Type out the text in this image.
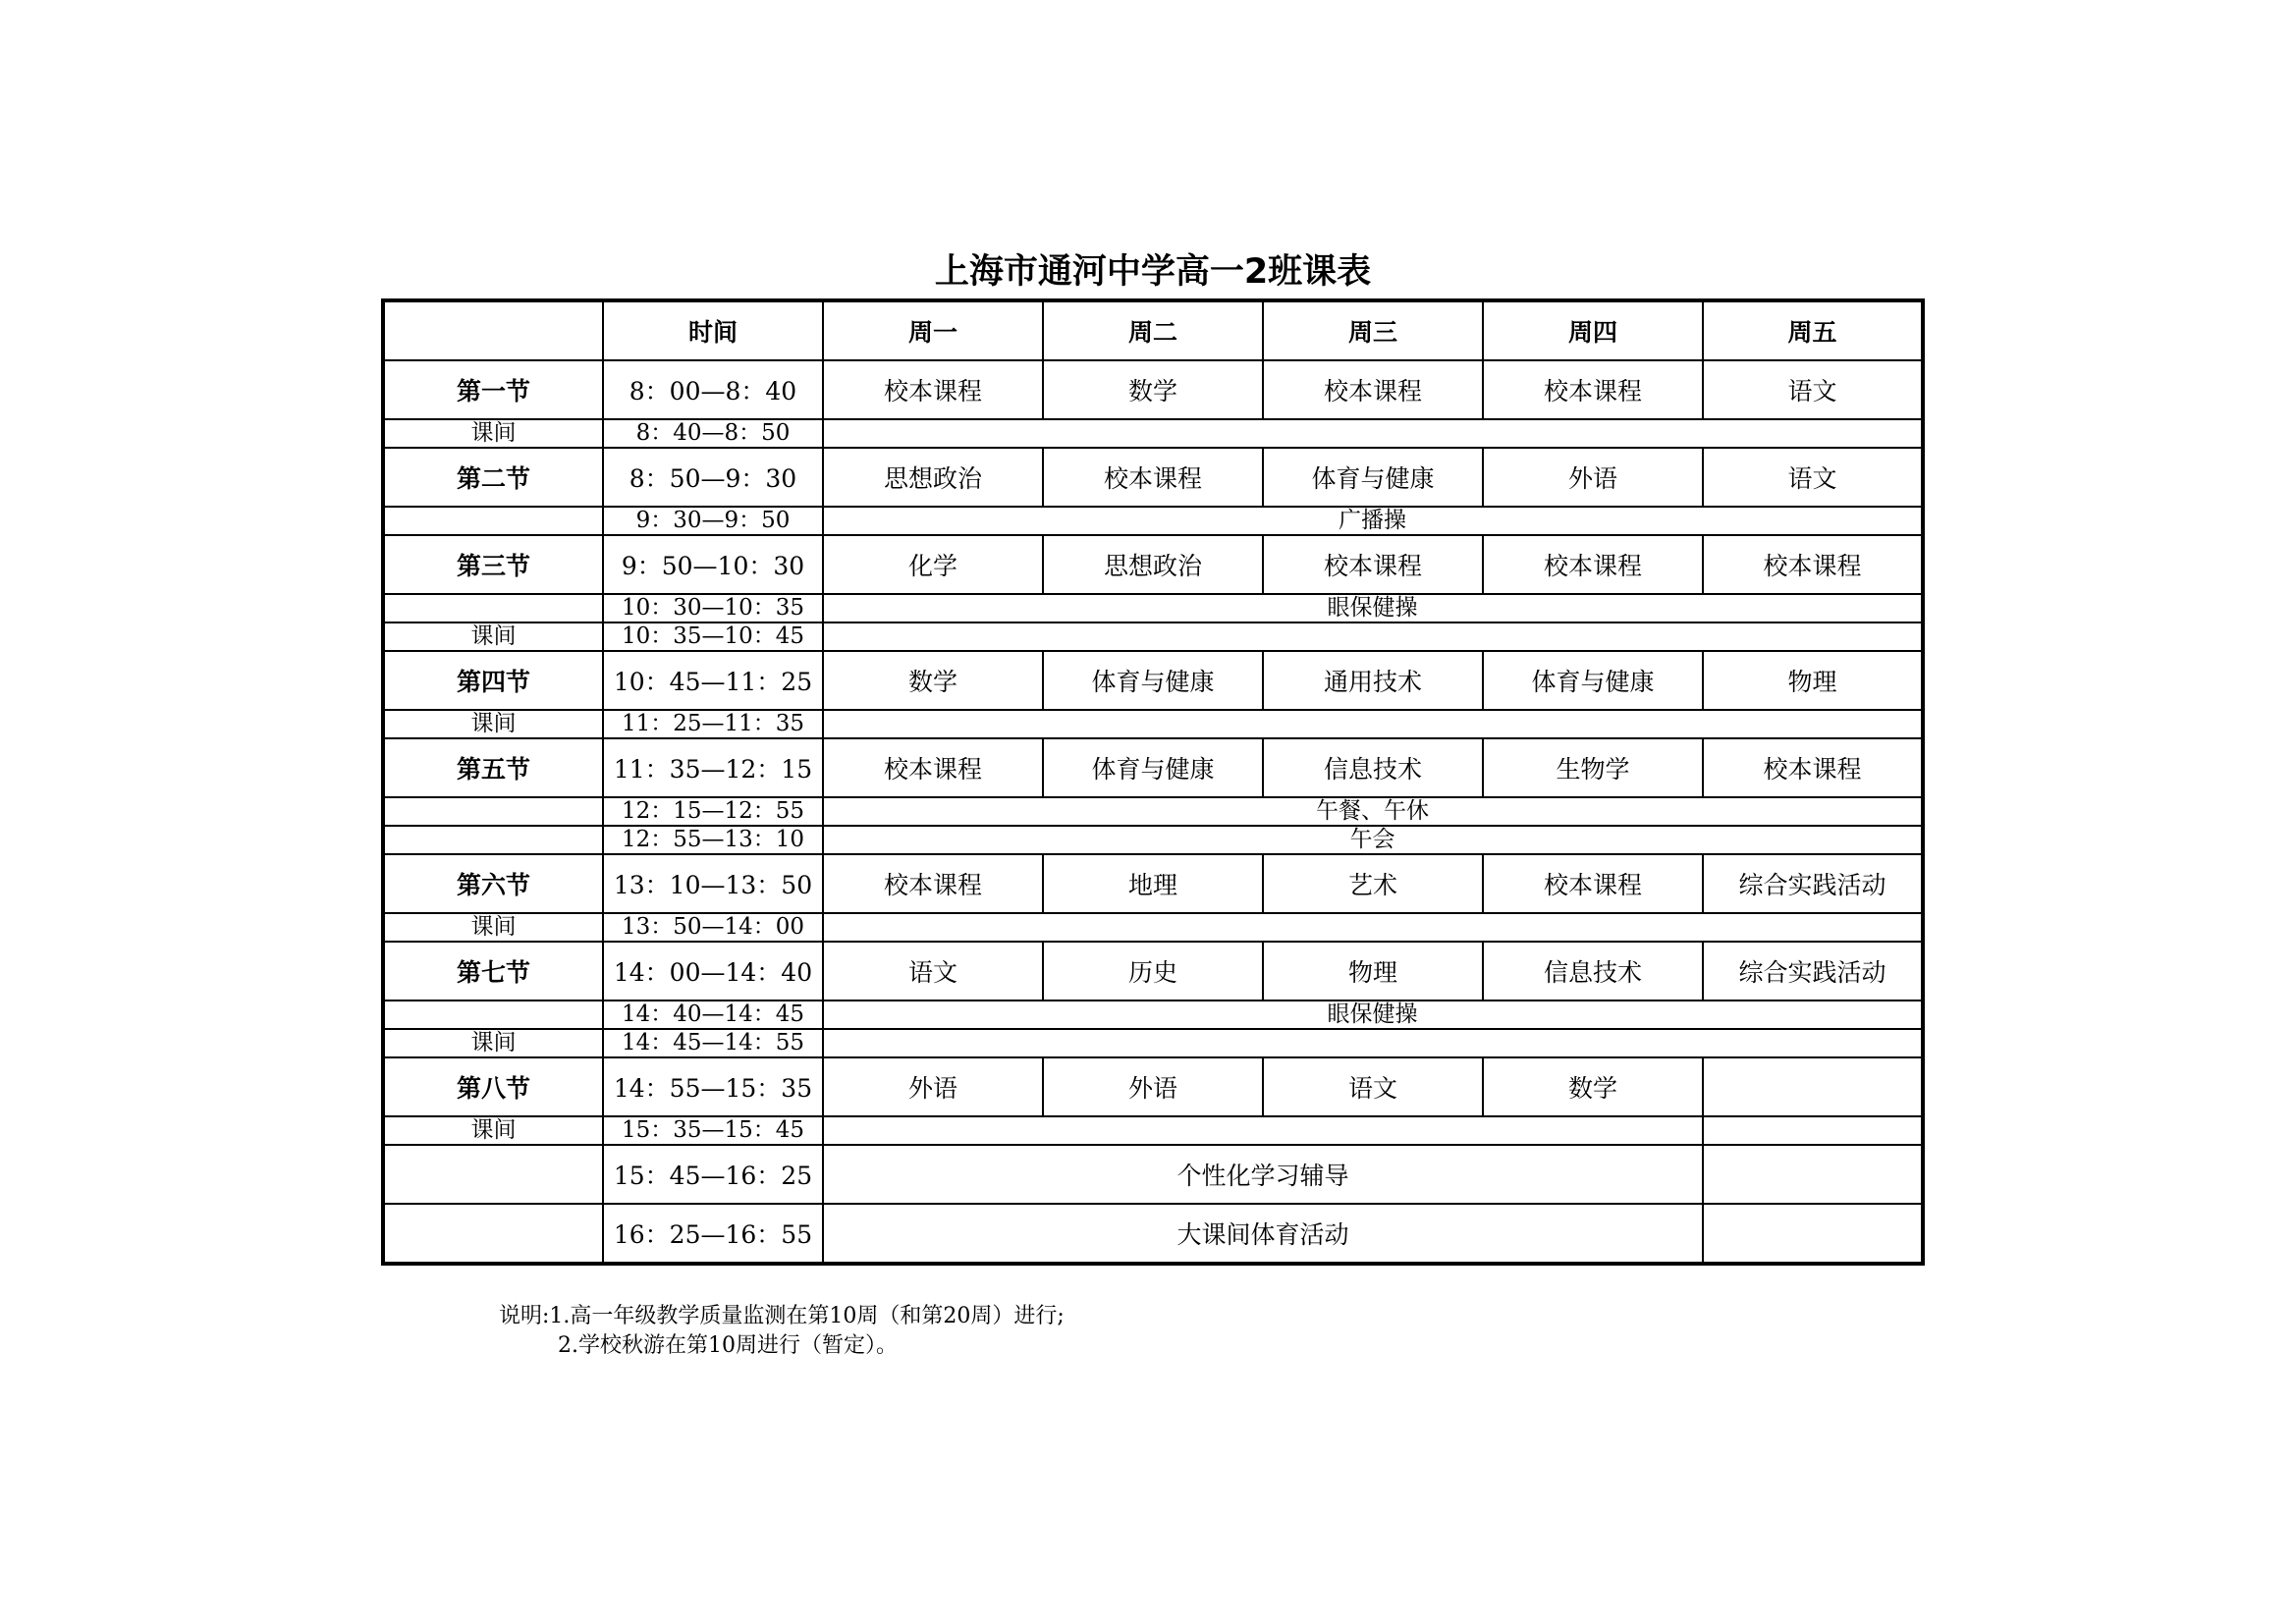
上海市通河中学高一2班课表
	时间	周一	周二	周三	周四	周五
第一节	8：00—8：40	校本课程	数学	校本课程	校本课程	语文
课间	8：40—8：50					
第二节	8：50—9：30	思想政治	校本课程	体育与健康	外语	语文
	9：30—9：50	广播操				
第三节	9：50—10：30	化学	思想政治	校本课程	校本课程	校本课程
	10：30—10：35	眼保健操				
课间	10：35—10：45					
第四节	10：45—11：25	数学	体育与健康	通用技术	体育与健康	物理
课间	11：25—11：35					
第五节	11：35—12：15	校本课程	体育与健康	信息技术	生物学	校本课程
	12：15—12：55	午餐、午休				
	12：55—13：10	午会				
第六节	13：10—13：50	校本课程	地理	艺术	校本课程	综合实践活动
课间	13：50—14：00					
第七节	14：00—14：40	语文	历史	物理	信息技术	综合实践活动
	14：40—14：45	眼保健操				
课间	14：45—14：55					
第八节	14：55—15：35	外语	外语	语文	数学	
课间	15：35—15：45					
	15：45—16：25	个性化学习辅导				
	16：25—16：55	大课间体育活动				
说明:1.高一年级教学质量监测在第10周（和第20周）进行;
2.学校秋游在第10周进行（暂定）。
